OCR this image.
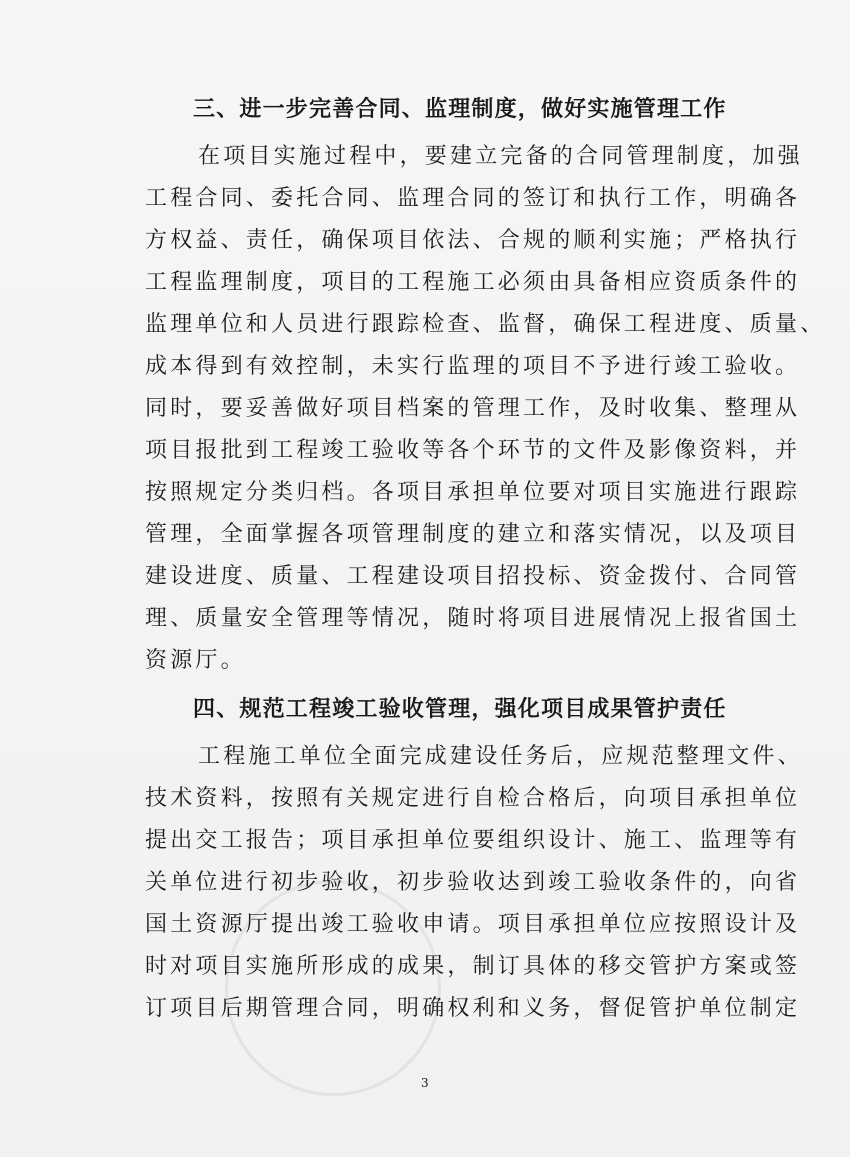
三、进一步完善合同、监理制度，做好实施管理工作
在项目实施过程中，要建立完备的合同管理制度，加强
工程合同、委托合同、监理合同的签订和执行工作，明确各
方权益、责任，确保项目依法、合规的顺利实施；严格执行
工程监理制度，项目的工程施工必须由具备相应资质条件的
监理单位和人员进行跟踪检查、监督，确保工程进度、质量、
成本得到有效控制，未实行监理的项目不予进行竣工验收。
同时，要妥善做好项目档案的管理工作，及时收集、整理从
项目报批到工程竣工验收等各个环节的文件及影像资料，并
按照规定分类归档。各项目承担单位要对项目实施进行跟踪
管理，全面掌握各项管理制度的建立和落实情况，以及项目
建设进度、质量、工程建设项目招投标、资金拨付、合同管
理、质量安全管理等情况，随时将项目进展情况上报省国土
资源厅。
四、规范工程竣工验收管理，强化项目成果管护责任
工程施工单位全面完成建设任务后，应规范整理文件、
技术资料，按照有关规定进行自检合格后，向项目承担单位
提出交工报告；项目承担单位要组织设计、施工、监理等有
关单位进行初步验收，初步验收达到竣工验收条件的，向省
国土资源厅提出竣工验收申请。项目承担单位应按照设计及
时对项目实施所形成的成果，制订具体的移交管护方案或签
订项目后期管理合同，明确权利和义务，督促管护单位制定
3
